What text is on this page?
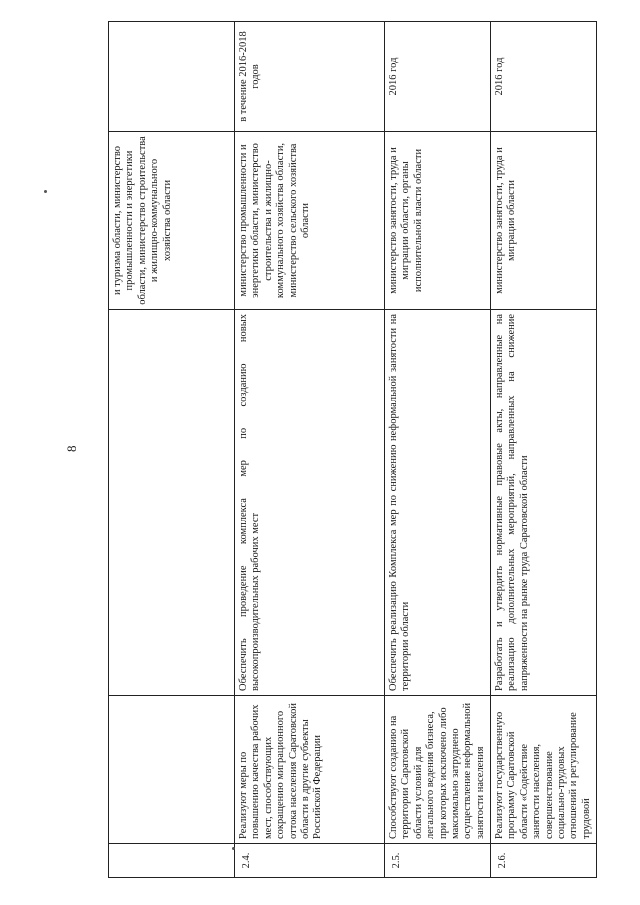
8
			и туризма области, министерство промышленности и энергетики области, министерство строительства и жилищно-коммунального хозяйства области	
2.4.	Реализуют меры по повышению качества рабочих мест, способствующих сокращению миграционного оттока населения Саратовской области в другие субъекты Российской Федерации	Обеспечить проведение комплекса мер по созданию новых высокопроизводительных рабочих мест	министерство промышленности и энергетики области, министерство строительства и жилищно-коммунального хозяйства области, министерство сельского хозяйства области	в течение 2016-2018 годов
2.5.	Способствуют созданию на территории Саратовской области условий для легального ведения бизнеса, при которых исключено либо максимально затруднено осуществление неформальной занятости населения	Обеспечить реализацию Комплекса мер по снижению неформальной занятости на территории области	министерство занятости, труда и миграции области, органы исполнительной власти области	2016 год
2.6.	Реализуют государственную программу Саратовской области «Содействие занятости населения, совершенствование социально-трудовых отношений и регулирование трудовой	Разработать и утвердить нормативные правовые акты, направленные на реализацию дополнительных мероприятий, направленных на снижение напряженности на рынке труда Саратовской области	министерство занятости, труда и миграции области	2016 год
